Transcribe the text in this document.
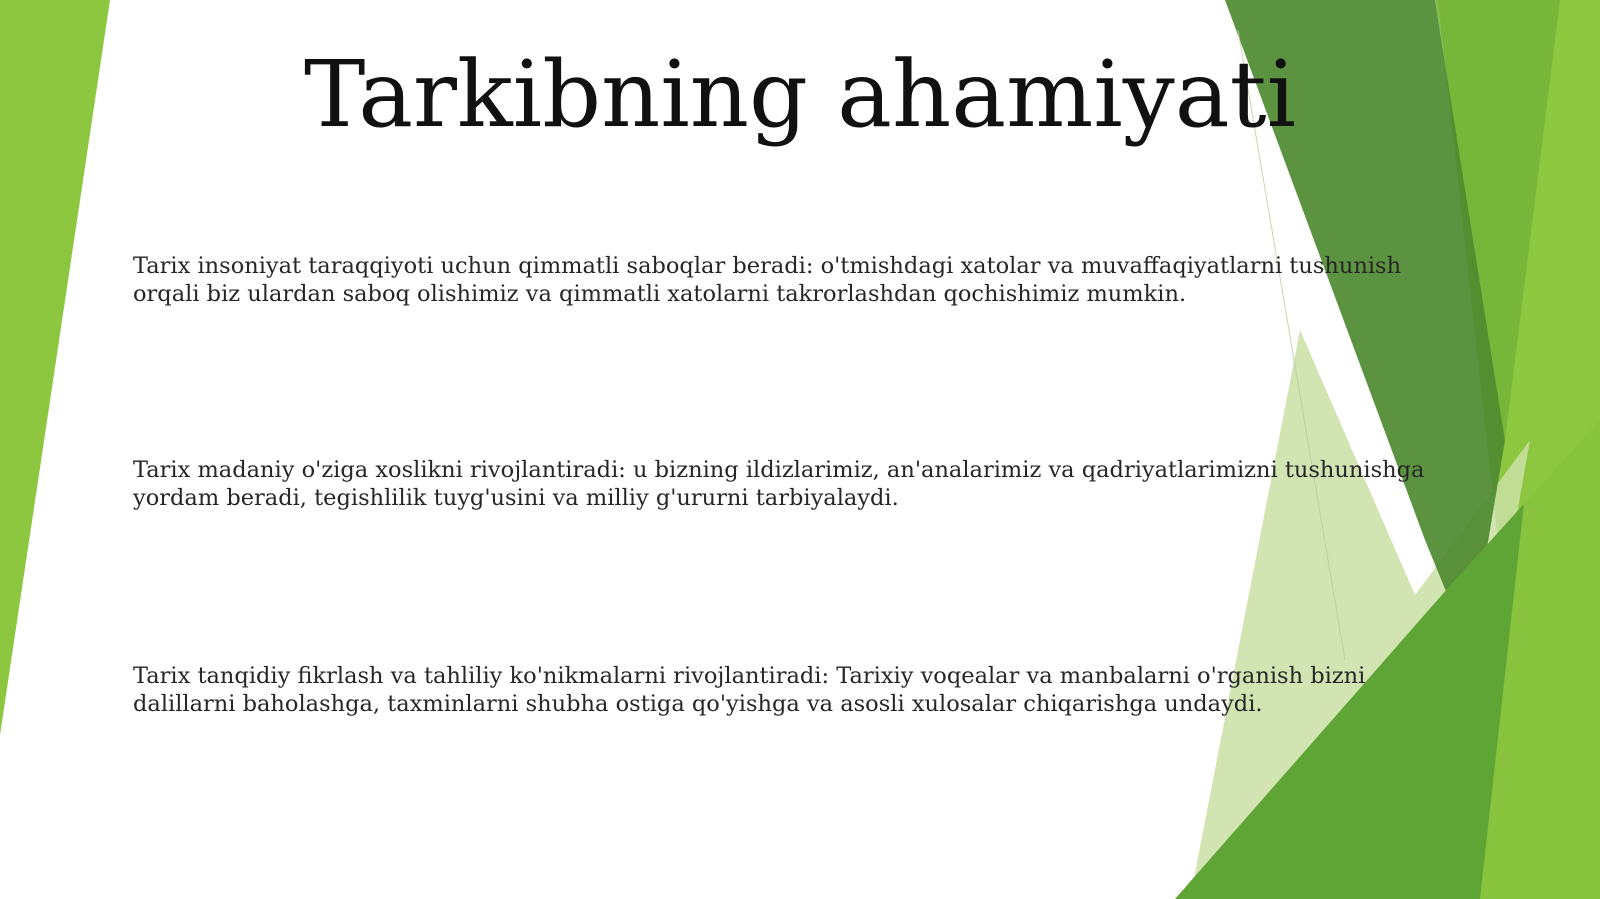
Tarkibning ahamiyati
Tarix insoniyat taraqqiyoti uchun qimmatli saboqlar beradi: o'tmishdagi xatolar va muvaffaqiyatlarni tushunish orqali biz ulardan saboq olishimiz va qimmatli xatolarni takrorlashdan qochishimiz mumkin.
Tarix madaniy o'ziga xoslikni rivojlantiradi: u bizning ildizlarimiz, an'analarimiz va qadriyatlarimizni tushunishga yordam beradi, tegishlilik tuyg'usini va milliy g'ururni tarbiyalaydi.
Tarix tanqidiy fikrlash va tahliliy ko'nikmalarni rivojlantiradi: Tarixiy voqealar va manbalarni o'rganish bizni dalillarni baholashga, taxminlarni shubha ostiga qo'yishga va asosli xulosalar chiqarishga undaydi.
